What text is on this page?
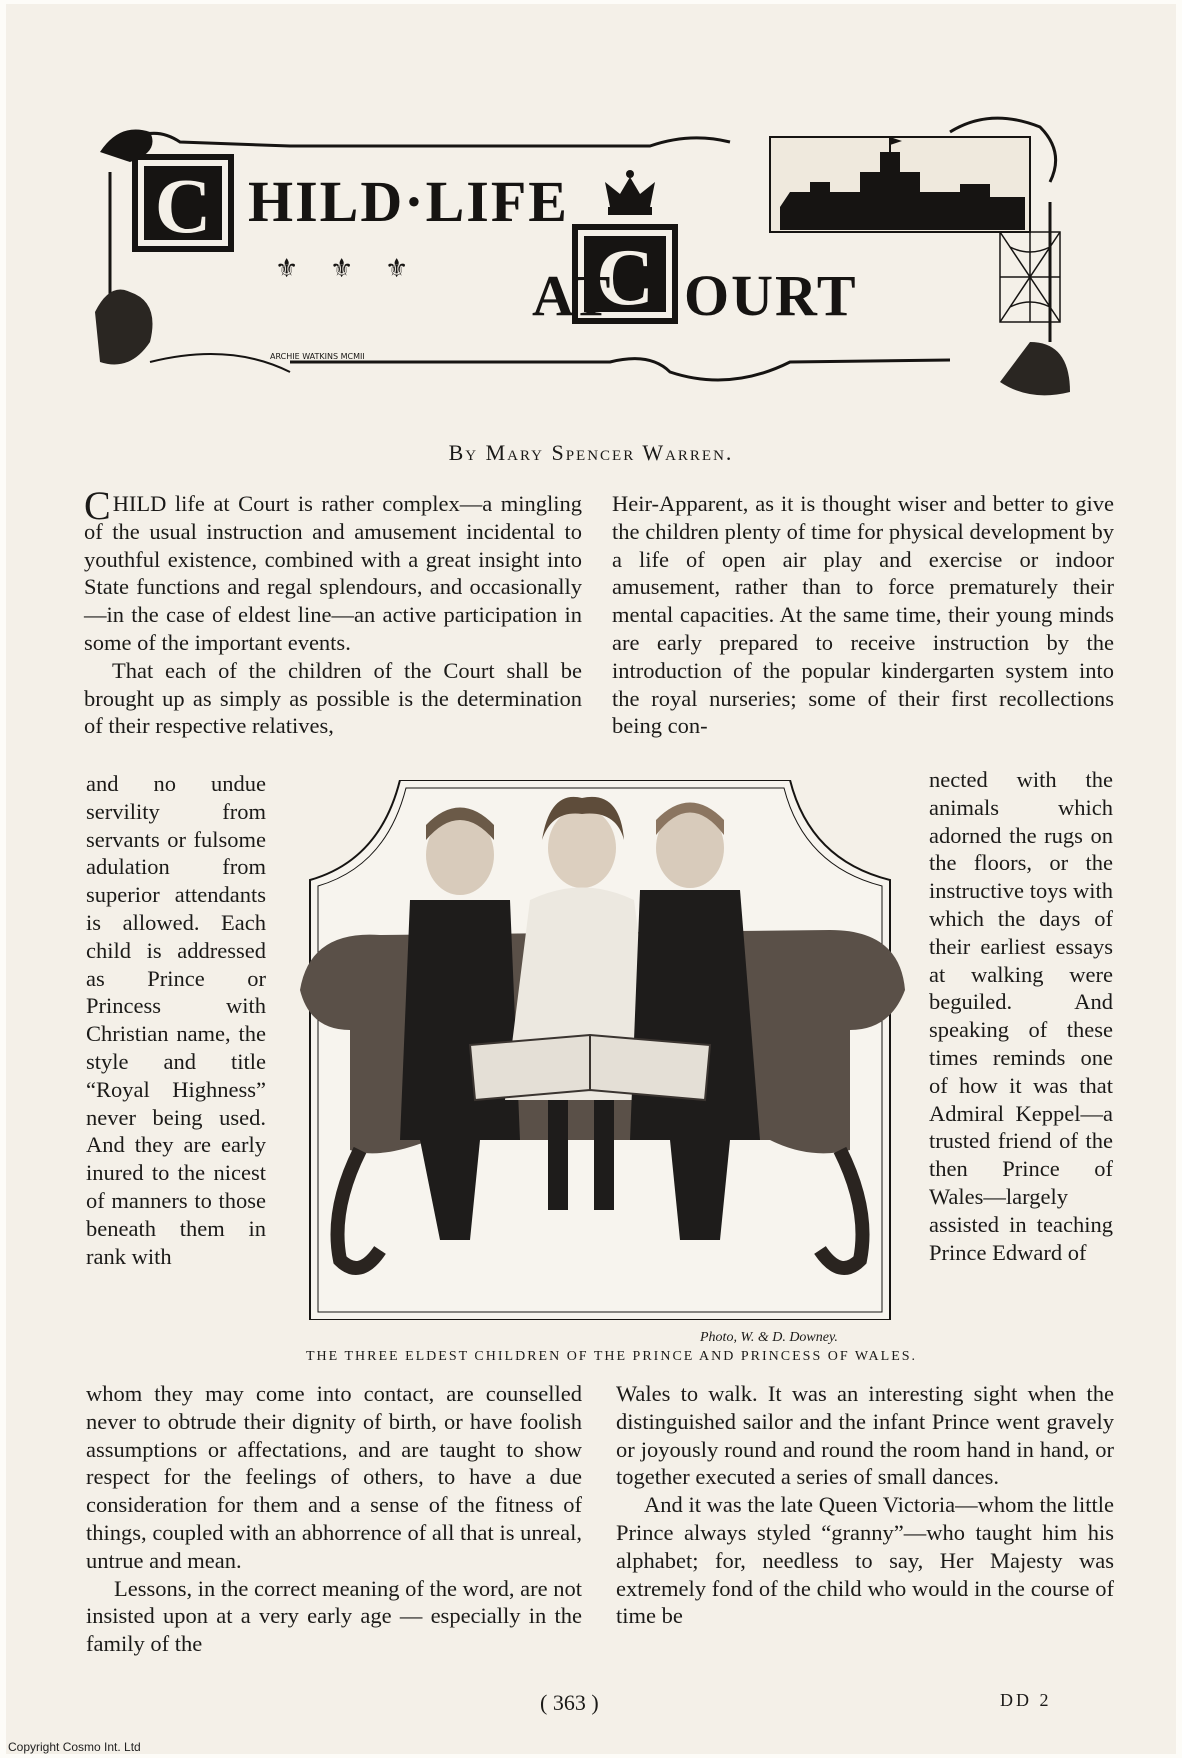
⚜ ⚜ ⚜
C
C
ARCHIE WATKINS MCMII
HILD·LIFE
AT OURT
By Mary Spencer Warren.

CHILD life at Court is rather complex—a mingling of the usual instruction and amusement incidental to youthful existence, combined with a great insight into State functions and regal splendours, and occasionally—in the case of eldest line—an active participation in some of the important events.

That each of the children of the Court shall be brought up as simply as possible is the determination of their respective relatives,

Heir-Apparent, as it is thought wiser and better to give the children plenty of time for physical development by a life of open air play and exercise or indoor amusement, rather than to force prematurely their mental capacities. At the same time, their young minds are early prepared to receive instruction by the introduction of the popular kindergarten system into the royal nurseries; some of their first recollections being con-

and no undue servility from servants or fulsome adulation from superior attendants is allowed. Each child is addressed as Prince or Princess with Christian name, the style and title “Royal Highness” never being used. And they are early inured to the nicest of manners to those beneath them in rank with
nected with the animals which adorned the rugs on the floors, or the instructive toys with which the days of their earliest essays at walking were beguiled. And speaking of these times reminds one of how it was that Admiral Keppel—a trusted friend of the then Prince of Wales—largely assisted in teaching Prince Edward of
Photo, W. & D. Downey.
THE THREE ELDEST CHILDREN OF THE PRINCE AND PRINCESS OF WALES.

whom they may come into contact, are counselled never to obtrude their dignity of birth, or have foolish assumptions or affectations, and are taught to show respect for the feelings of others, to have a due consideration for them and a sense of the fitness of things, coupled with an abhorrence of all that is unreal, untrue and mean.

Lessons, in the correct meaning of the word, are not insisted upon at a very early age — especially in the family of the

Wales to walk. It was an interesting sight when the distinguished sailor and the infant Prince went gravely or joyously round and round the room hand in hand, or together executed a series of small dances.

And it was the late Queen Victoria—whom the little Prince always styled “granny”—who taught him his alphabet; for, needless to say, Her Majesty was extremely fond of the child who would in the course of time be

( 363 )	DD 2
Copyright Cosmo Int. Ltd
